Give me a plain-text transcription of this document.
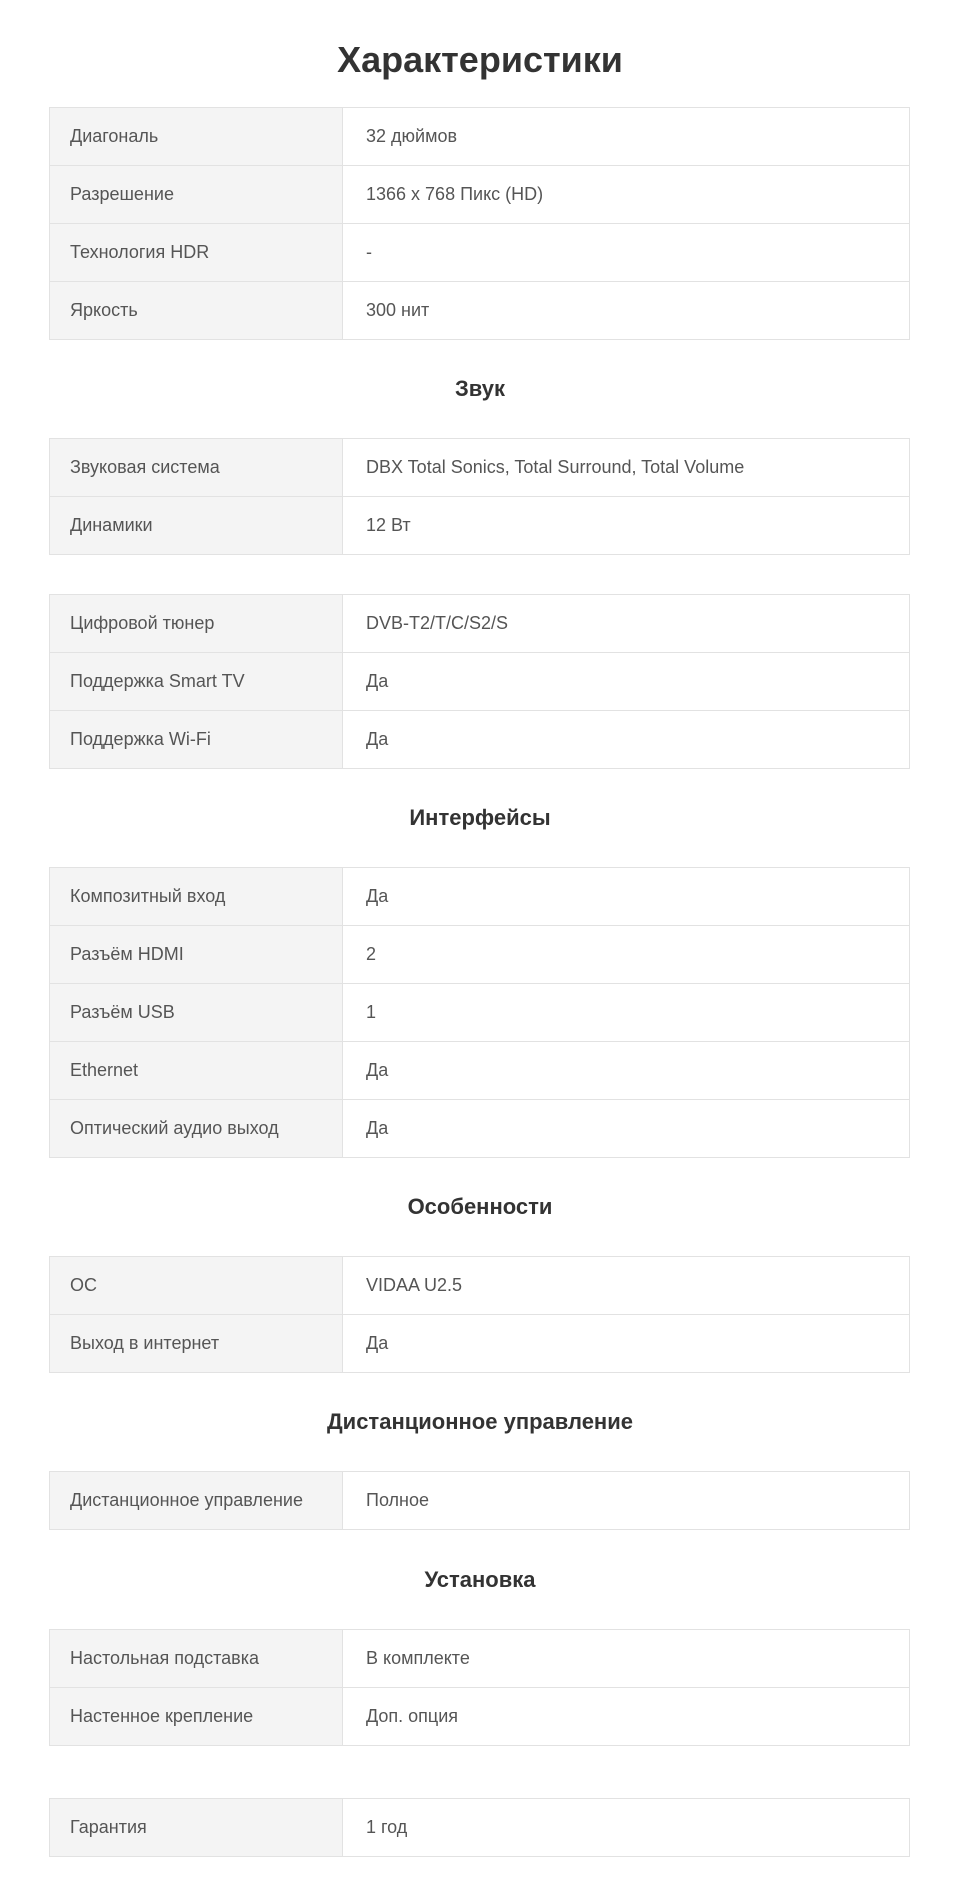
Характеристики
Диагональ	32 дюймов
Разрешение	1366 x 768 Пикс (HD)
Технология HDR	-
Яркость	300 нит
Звук
Звуковая система	DBX Total Sonics, Total Surround, Total Volume
Динамики	12 Вт
Цифровой тюнер	DVB-T2/T/C/S2/S
Поддержка Smart TV	Да
Поддержка Wi-Fi	Да
Интерфейсы
Композитный вход	Да
Разъём HDMI	2
Разъём USB	1
Ethernet	Да
Оптический аудио выход	Да
Особенности
ОС	VIDAA U2.5
Выход в интернет	Да
Дистанционное управление
Дистанционное управление	Полное
Установка
Настольная подставка	В комплекте
Настенное крепление	Доп. опция
Гарантия	1 год
